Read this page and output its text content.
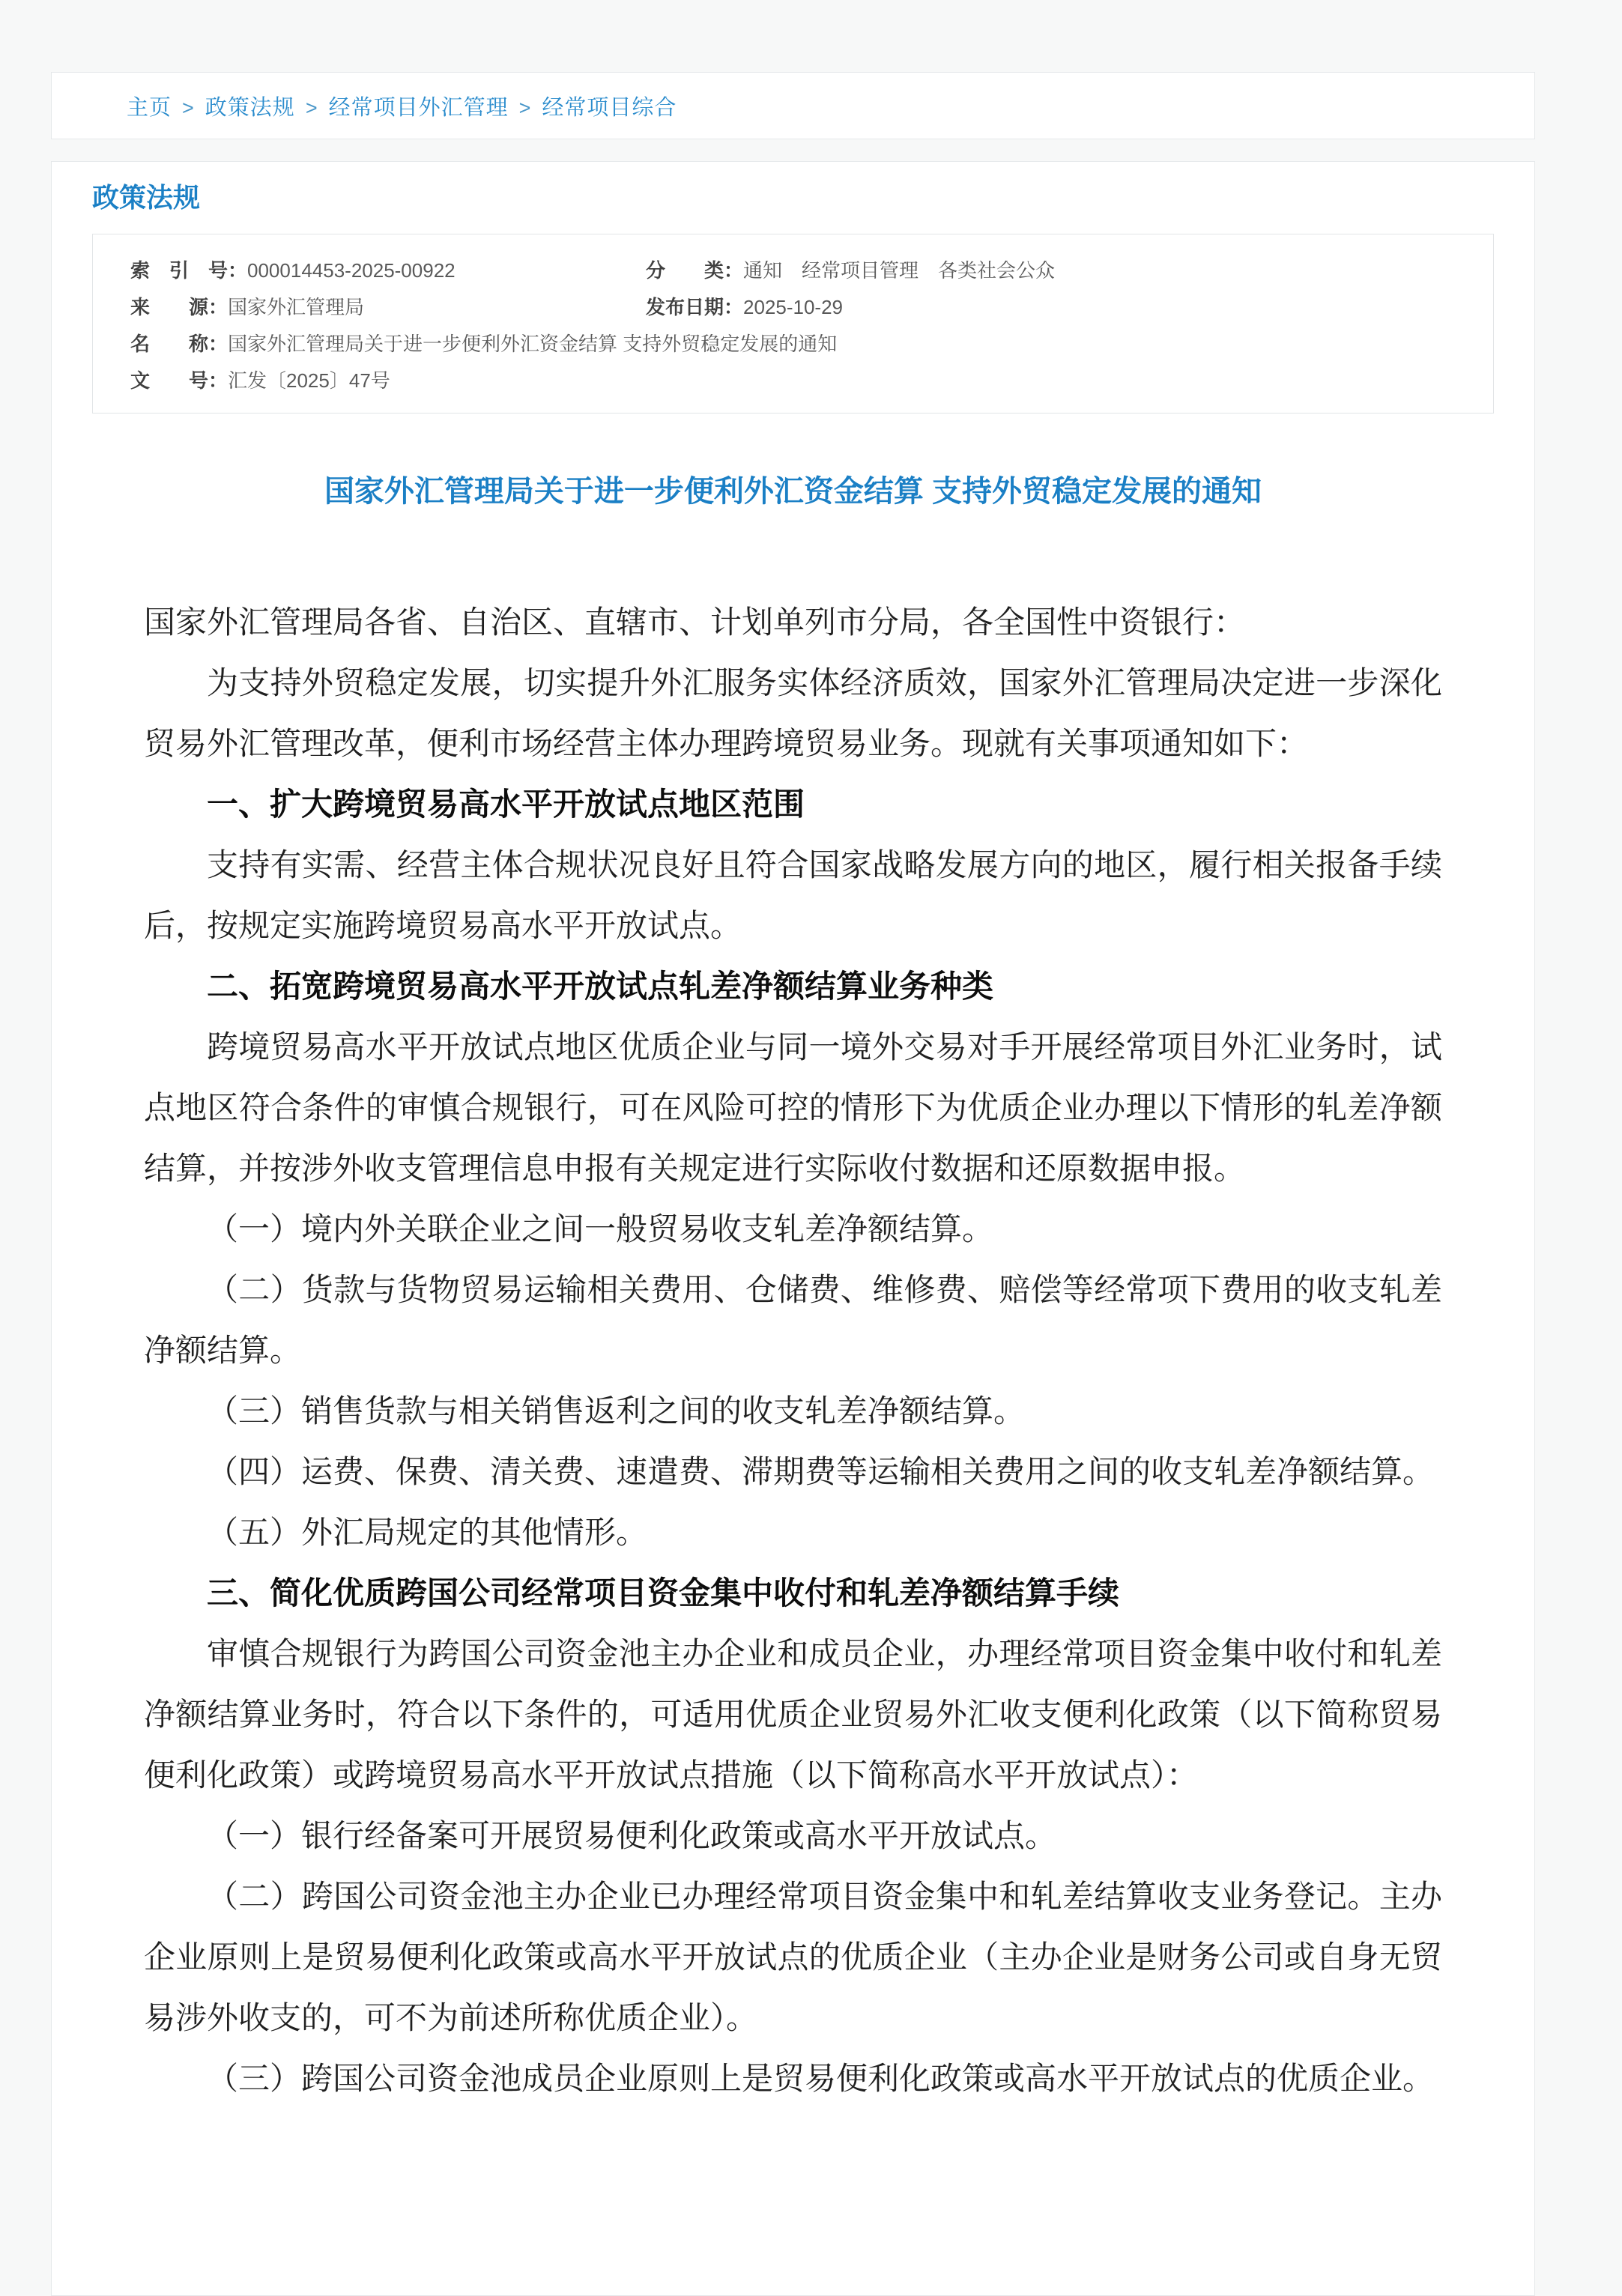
主页 > 政策法规 > 经常项目外汇管理 > 经常项目综合
政策法规
索　引　号：000014453-2025-00922	分　　类：通知　经常项目管理　各类社会公众
来　　源：国家外汇管理局	发布日期：2025-10-29
名　　称：国家外汇管理局关于进一步便利外汇资金结算 支持外贸稳定发展的通知
文　　号：汇发〔2025〕47号
国家外汇管理局关于进一步便利外汇资金结算 支持外贸稳定发展的通知

国家外汇管理局各省、自治区、直辖市、计划单列市分局，各全国性中资银行：

为支持外贸稳定发展，切实提升外汇服务实体经济质效，国家外汇管理局决定进一步深化贸易外汇管理改革，便利市场经营主体办理跨境贸易业务。现就有关事项通知如下：

一、扩大跨境贸易高水平开放试点地区范围

支持有实需、经营主体合规状况良好且符合国家战略发展方向的地区，履行相关报备手续后，按规定实施跨境贸易高水平开放试点。

二、拓宽跨境贸易高水平开放试点轧差净额结算业务种类

跨境贸易高水平开放试点地区优质企业与同一境外交易对手开展经常项目外汇业务时，试点地区符合条件的审慎合规银行，可在风险可控的情形下为优质企业办理以下情形的轧差净额结算，并按涉外收支管理信息申报有关规定进行实际收付数据和还原数据申报。

（一）境内外关联企业之间一般贸易收支轧差净额结算。

（二）货款与货物贸易运输相关费用、仓储费、维修费、赔偿等经常项下费用的收支轧差净额结算。

（三）销售货款与相关销售返利之间的收支轧差净额结算。

（四）运费、保费、清关费、速遣费、滞期费等运输相关费用之间的收支轧差净额结算。

（五）外汇局规定的其他情形。

三、简化优质跨国公司经常项目资金集中收付和轧差净额结算手续

审慎合规银行为跨国公司资金池主办企业和成员企业，办理经常项目资金集中收付和轧差净额结算业务时，符合以下条件的，可适用优质企业贸易外汇收支便利化政策（以下简称贸易便利化政策）或跨境贸易高水平开放试点措施（以下简称高水平开放试点）：

（一）银行经备案可开展贸易便利化政策或高水平开放试点。

（二）跨国公司资金池主办企业已办理经常项目资金集中和轧差结算收支业务登记。主办企业原则上是贸易便利化政策或高水平开放试点的优质企业（主办企业是财务公司或自身无贸易涉外收支的，可不为前述所称优质企业）。

（三）跨国公司资金池成员企业原则上是贸易便利化政策或高水平开放试点的优质企业。
